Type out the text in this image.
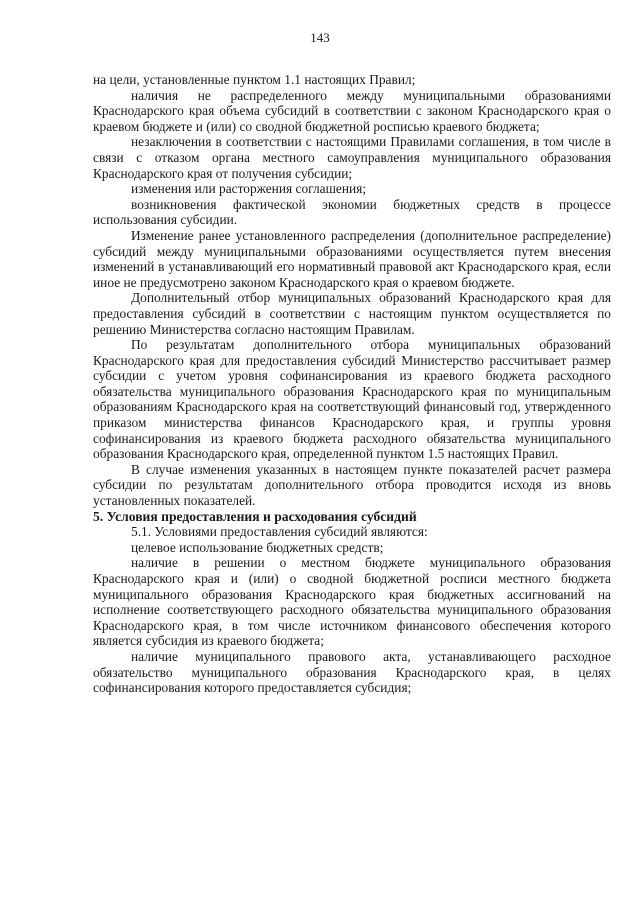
143

на цели, установленные пунктом 1.1 настоящих Правил;

наличия не распределенного между муниципальными образованиями Краснодарского края объема субсидий в соответствии с законом Краснодарского края о краевом бюджете и (или) со сводной бюджетной росписью краевого бюджета;

незаключения в соответствии с настоящими Правилами соглашения, в том числе в связи с отказом органа местного самоуправления муниципального образования Краснодарского края от получения субсидии;

изменения или расторжения соглашения;

возникновения фактической экономии бюджетных средств в процессе использования субсидии.

Изменение ранее установленного распределения (дополнительное распределение) субсидий между муниципальными образованиями осуществляется путем внесения изменений в устанавливающий его нормативный правовой акт Краснодарского края, если иное не предусмотрено законом Краснодарского края о краевом бюджете.

Дополнительный отбор муниципальных образований Краснодарского края для предоставления субсидий в соответствии с настоящим пунктом осуществляется по решению Министерства согласно настоящим Правилам.

По результатам дополнительного отбора муниципальных образований Краснодарского края для предоставления субсидий Министерство рассчитывает размер субсидии с учетом уровня софинансирования из краевого бюджета расходного обязательства муниципального образования Краснодарского края по муниципальным образованиям Краснодарского края на соответствующий финансовый год, утвержденного приказом министерства финансов Краснодарского края, и группы уровня софинансирования из краевого бюджета расходного обязательства муниципального образования Краснодарского края, определенной пунктом 1.5 настоящих Правил.

В случае изменения указанных в настоящем пункте показателей расчет размера субсидии по результатам дополнительного отбора проводится исходя из вновь установленных показателей.

5. Условия предоставления и расходования субсидий

5.1. Условиями предоставления субсидий являются:

целевое использование бюджетных средств;

наличие в решении о местном бюджете муниципального образования Краснодарского края и (или) о сводной бюджетной росписи местного бюджета муниципального образования Краснодарского края бюджетных ассигнований на исполнение соответствующего расходного обязательства муниципального образования Краснодарского края, в том числе источником финансового обеспечения которого является субсидия из краевого бюджета;

наличие муниципального правового акта, устанавливающего расходное обязательство муниципального образования Краснодарского края, в целях софинансирования которого предоставляется субсидия;
